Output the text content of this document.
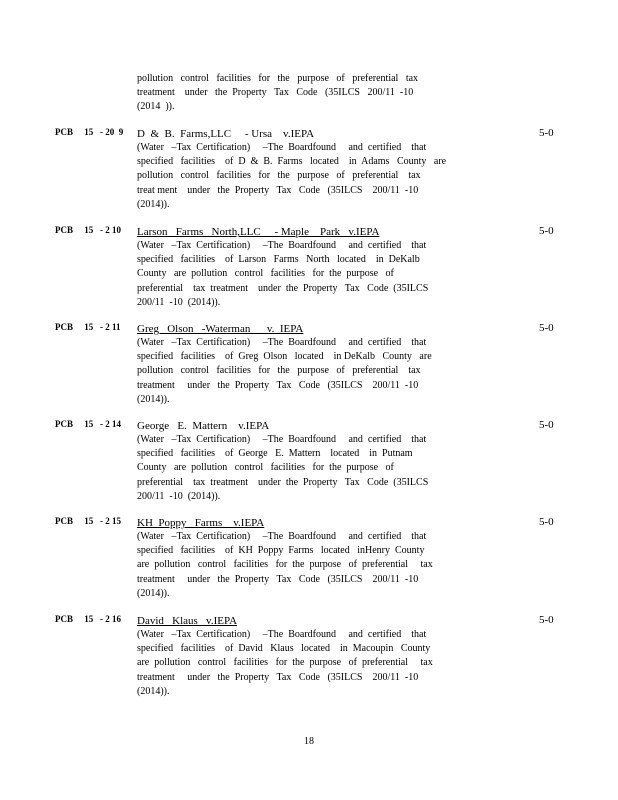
pollution   control   facilities   for   the   purpose   of   preferential   tax
treatment    under   the  Property   Tax   Code   (35ILCS   200/11  -10
(2014  )).
PCB     15   - 20  9	D  &  B.  Farms,LLC     - Ursa    v.IEPA	5-0
(Water   –Tax  Certification)     –The  Boardfound     and  certified    that
specified   facilities    of  D  &  B.  Farms   located    in  Adams   County   are
pollution   control   facilities   for   the   purpose   of   preferential    tax
treat ment    under   the  Property   Tax   Code   (35ILCS    200/11  -10
(2014)).
PCB     15   - 2 10	Larson   Farms   North,LLC     - Maple    Park   v.IEPA	5-0
(Water   –Tax  Certification)     –The  Boardfound     and  certified    that
specified   facilities    of  Larson   Farms   North   located    in  DeKalb
County   are  pollution   control   facilities   for  the  purpose   of
preferential    tax  treatment    under  the  Property   Tax   Code  (35ILCS
200/11  -10  (2014)).
PCB     15   - 2 11	Greg   Olson   -Waterman      v.  IEPA	5-0
(Water   –Tax  Certification)     –The  Boardfound     and  certified    that
specified   facilities    of  Greg  Olson   located    in DeKalb   County   are
pollution   control   facilities   for   the   purpose   of   preferential    tax
treatment     under   the  Property   Tax   Code   (35ILCS    200/11  -10
(2014)).
PCB     15   - 2 14	George   E.  Mattern    v.IEPA	5-0
(Water   –Tax  Certification)     –The  Boardfound     and  certified    that
specified   facilities    of  George   E.  Mattern    located    in  Putnam
County   are  pollution   control   facilities   for  the  purpose   of
preferential    tax  treatment    under  the  Property   Tax   Code  (35ILCS
200/11  -10  (2014)).
PCB     15   - 2 15	KH  Poppy   Farms    v.IEPA	5-0
(Water   –Tax  Certification)     –The  Boardfound     and  certified    that
specified   facilities    of  KH  Poppy  Farms   located   inHenry  County
are  pollution   control   facilities   for  the  purpose   of  preferential     tax
treatment     under   the  Property   Tax   Code   (35ILCS    200/11  -10
(2014)).
PCB     15   - 2 16	David   Klaus   v.IEPA	5-0
(Water   –Tax  Certification)     –The  Boardfound     and  certified    that
specified   facilities    of  David   Klaus   located    in  Macoupin   County
are  pollution   control   facilities   for  the  purpose   of  preferential     tax
treatment     under   the  Property   Tax   Code   (35ILCS    200/11  -10
(2014)).
18
